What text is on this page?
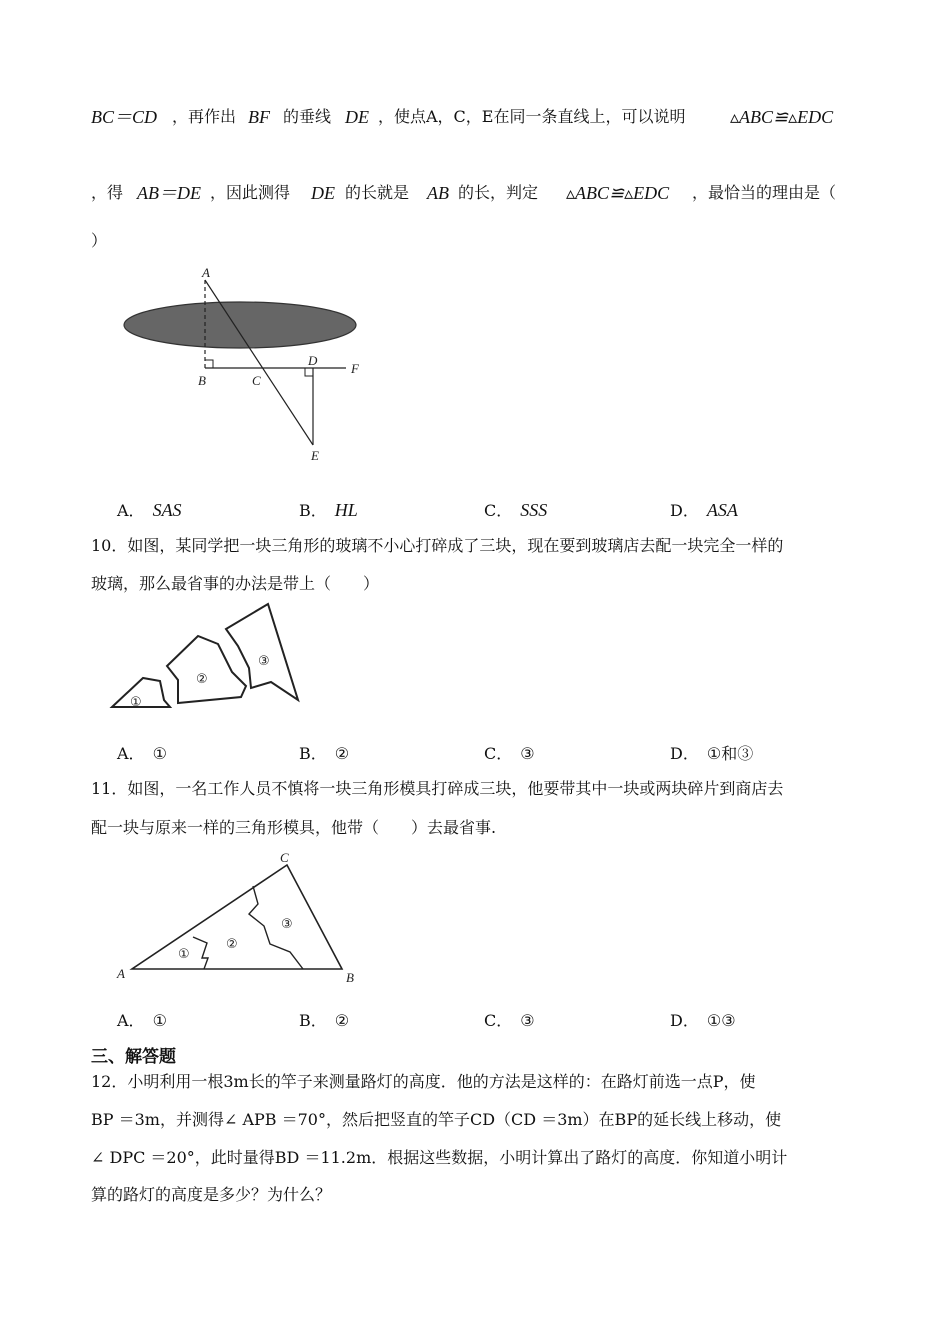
BC＝CD ，再作出 BF 的垂线 DE ，使点A，C，E在同一条直线上，可以说明 ▵ABC≌▵EDC
，得 AB＝DE ，因此测得 DE 的长就是 AB 的长，判定 ▵ABC≌▵EDC ，最恰当的理由是（
）
A
B	C
D
F
E
A． SAS	B． HL	C． SSS	D． ASA
10．如图，某同学把一块三角形的玻璃不小心打碎成了三块，现在要到玻璃店去配一块完全一样的
玻璃，那么最省事的办法是带上（　　）
①
②
③
A． ①	B． ②	C． ③	D． ①和③
11．如图，一名工作人员不慎将一块三角形模具打碎成三块，他要带其中一块或两块碎片到商店去
配一块与原来一样的三角形模具，他带（　　）去最省事.
A	B
C
①
②
③
A． ①	B． ②	C． ③	D． ①③
三、解答题
12．小明利用一根3m长的竿子来测量路灯的高度．他的方法是这样的：在路灯前选一点P，使
BP ＝3m，并测得∠ APB ＝70°，然后把竖直的竿子CD（CD ＝3m）在BP的延长线上移动，使
∠ DPC ＝20°，此时量得BD ＝11.2m．根据这些数据，小明计算出了路灯的高度．你知道小明计
算的路灯的高度是多少？为什么？
